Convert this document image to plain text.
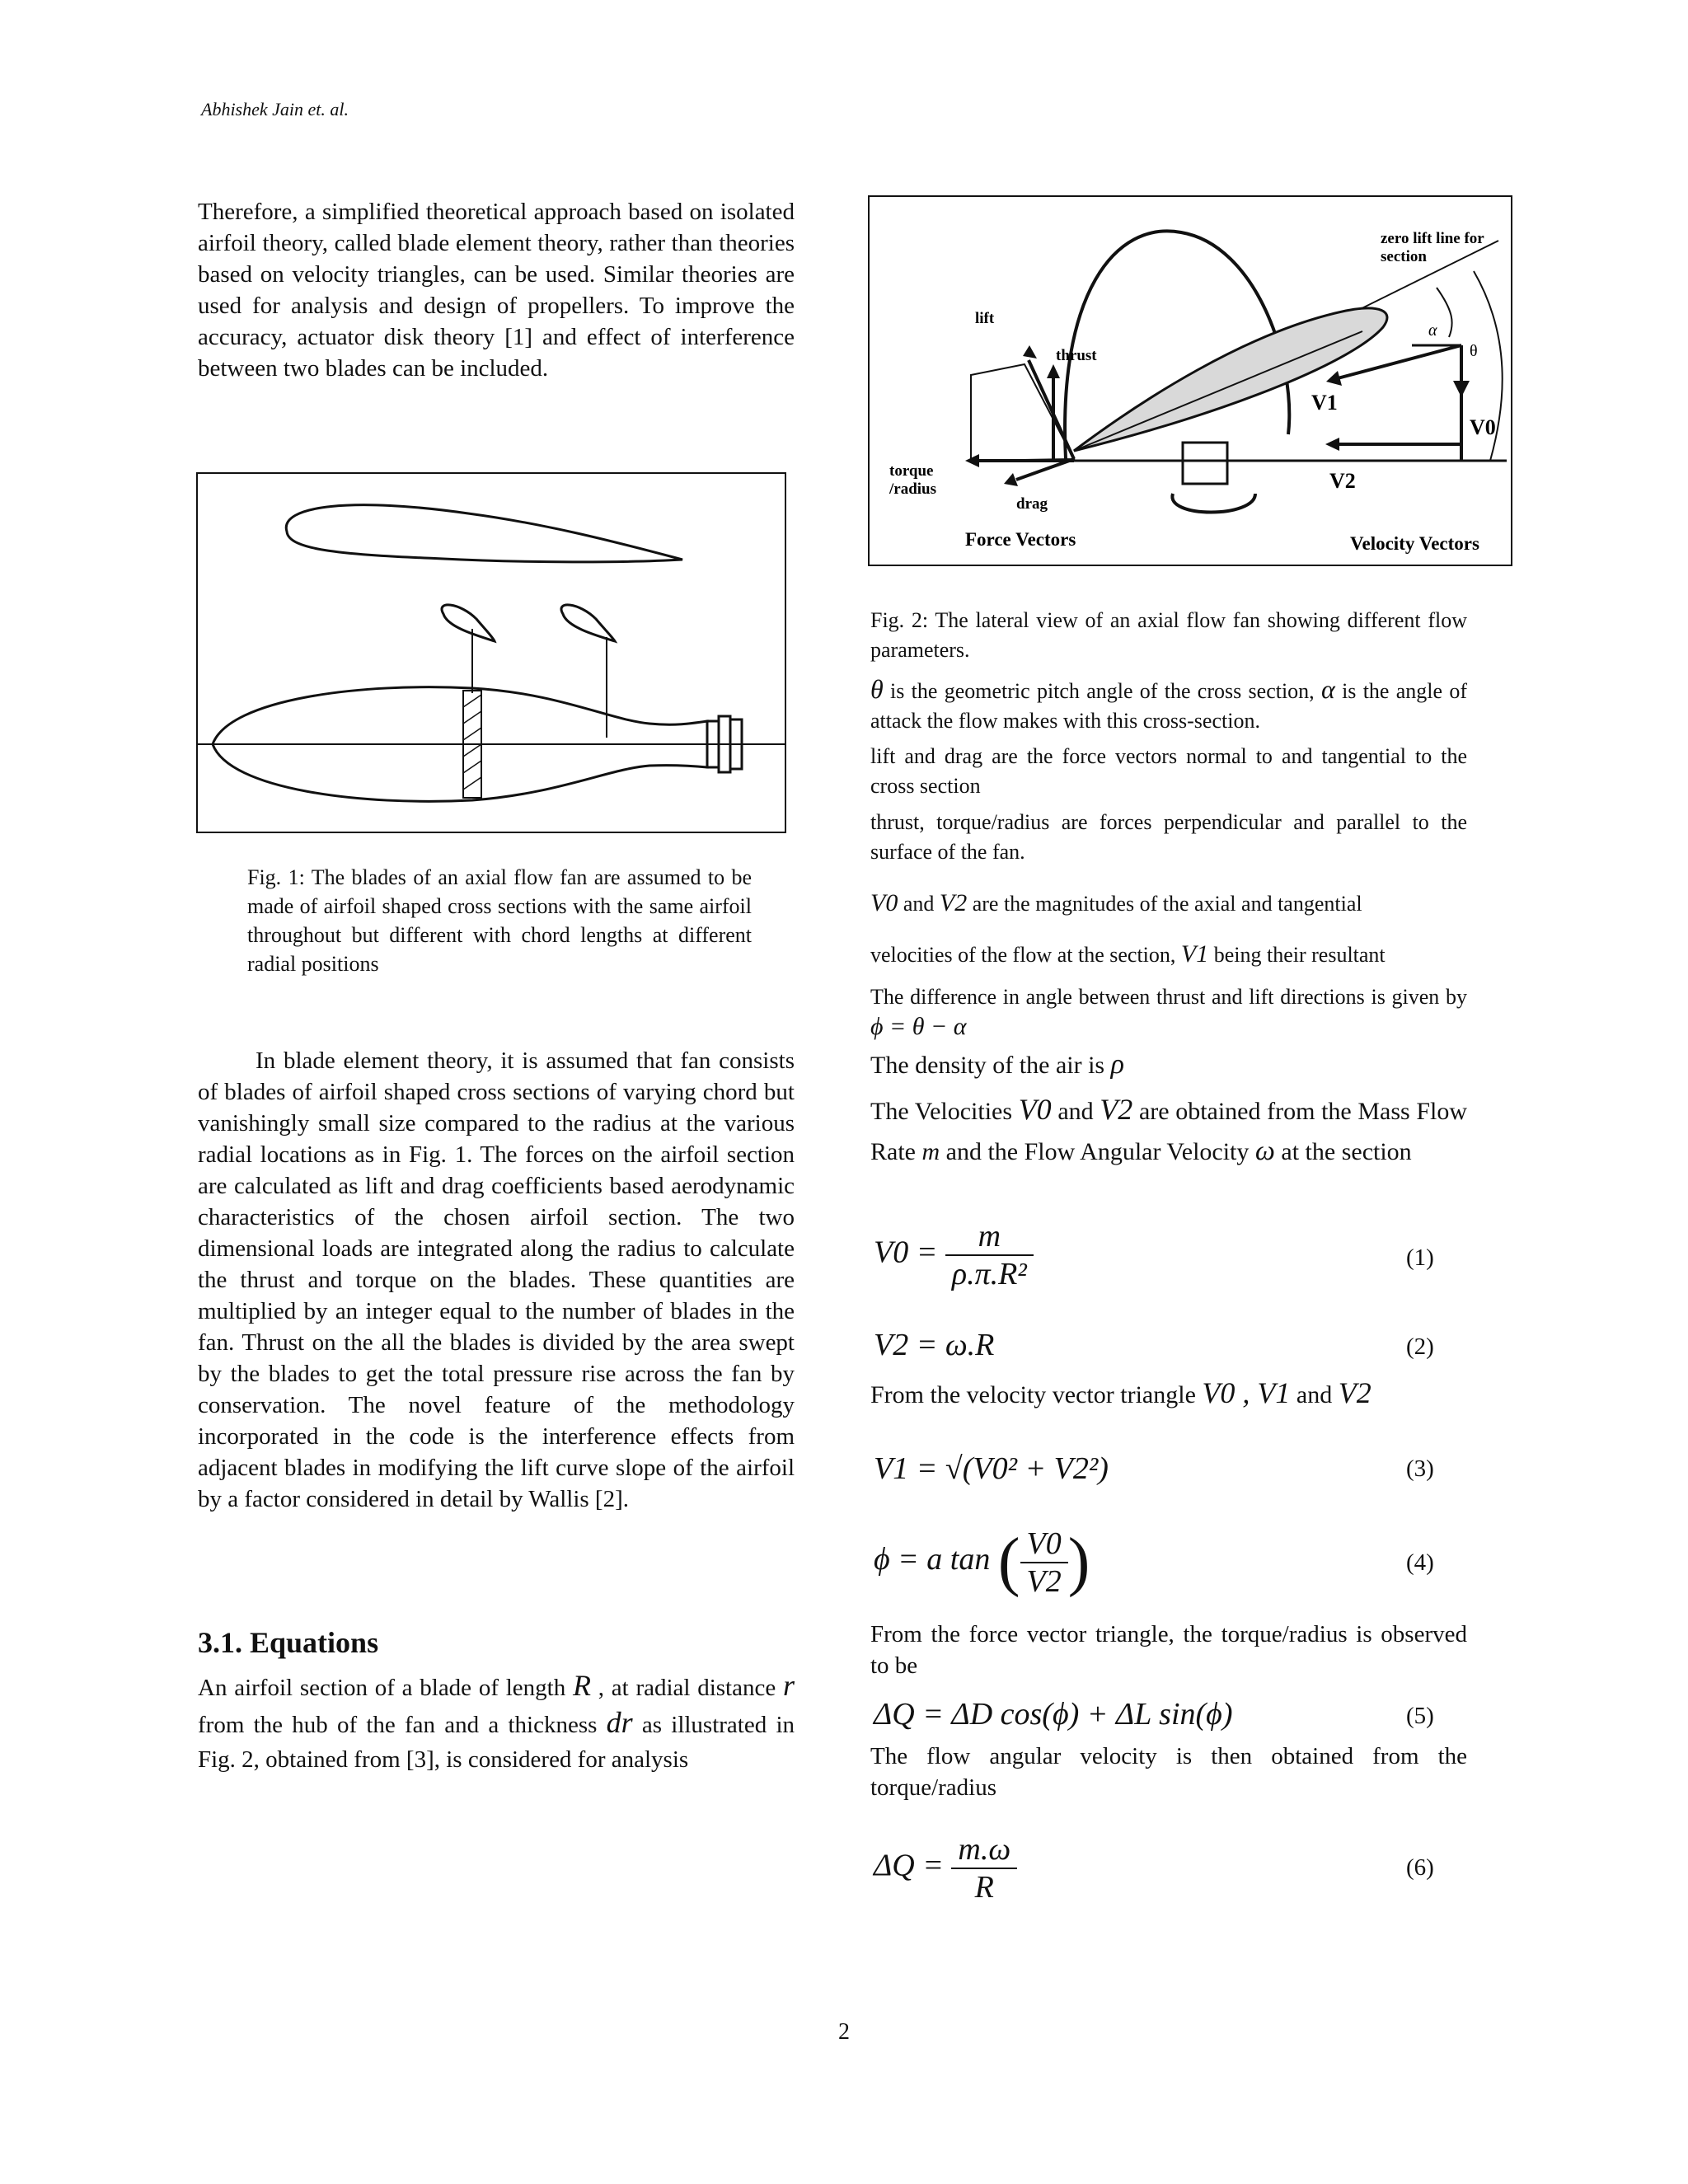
Abhishek Jain et. al.

Therefore, a simplified theoretical approach based on isolated airfoil theory, called blade element theory, rather than theories based on velocity triangles, can be used. Similar theories are used for analysis and design of propellers. To improve the accuracy, actuator disk theory [1] and effect of interference between two blades can be included.

Fig. 1: The blades of an axial flow fan are assumed to be made of airfoil shaped cross sections with the same airfoil throughout but different with chord lengths at different radial positions

In blade element theory, it is assumed that fan consists of blades of airfoil shaped cross sections of varying chord but vanishingly small size compared to the radius at the various radial locations as in Fig. 1. The forces on the airfoil section are calculated as lift and drag coefficients based aerodynamic characteristics of the chosen airfoil section. The two dimensional loads are integrated along the radius to calculate the thrust and torque on the blades. These quantities are multiplied by an integer equal to the number of blades in the fan. Thrust on the all the blades is divided by the area swept by the blades to get the total pressure rise across the fan by conservation. The novel feature of the methodology incorporated in the code is the interference effects from adjacent blades in modifying the lift curve slope of the airfoil by a factor considered in detail by Wallis [2].

3.1. Equations

An airfoil section of a blade of length R , at radial distance r from the hub of the fan and a thickness dr as illustrated in Fig. 2, obtained from [3], is considered for analysis

zero lift line for
section
lift
thrust
torque
/radius
drag
α
θ
V1
V0
V2
Force Vectors	Velocity Vectors
Fig. 2: The lateral view of an axial flow fan showing different flow parameters.
θ is the geometric pitch angle of the cross section, α is the angle of attack the flow makes with this cross-section.
lift and drag are the force vectors normal to and tangential to the cross section
thrust, torque/radius are forces perpendicular and parallel to the surface of the fan.
V0 and V2 are the magnitudes of the axial and tangential
velocities of the flow at the section, V1 being their resultant
The difference in angle between thrust and lift directions is given by ϕ = θ − α
The density of the air is ρ
The Velocities V0 and V2 are obtained from the Mass Flow Rate m and the Flow Angular Velocity ω at the section
$V0 = \frac{m}{\text{ρ.π.R²}}$	(1)
V2 = ω.R	(2)
From the velocity vector triangle V0 , V1 and V2
V1 = √(V0² + V2²)	(3)
ϕ = a tan ( $\frac{V0}{V2}$ )	(4)
From the force vector triangle, the torque/radius is observed to be
ΔQ = ΔD cos(ϕ) + ΔL sin(ϕ)	(5)
The flow angular velocity is then obtained from the torque/radius
$\Delta Q = \frac{m.\omega}{R}$	(6)
2
